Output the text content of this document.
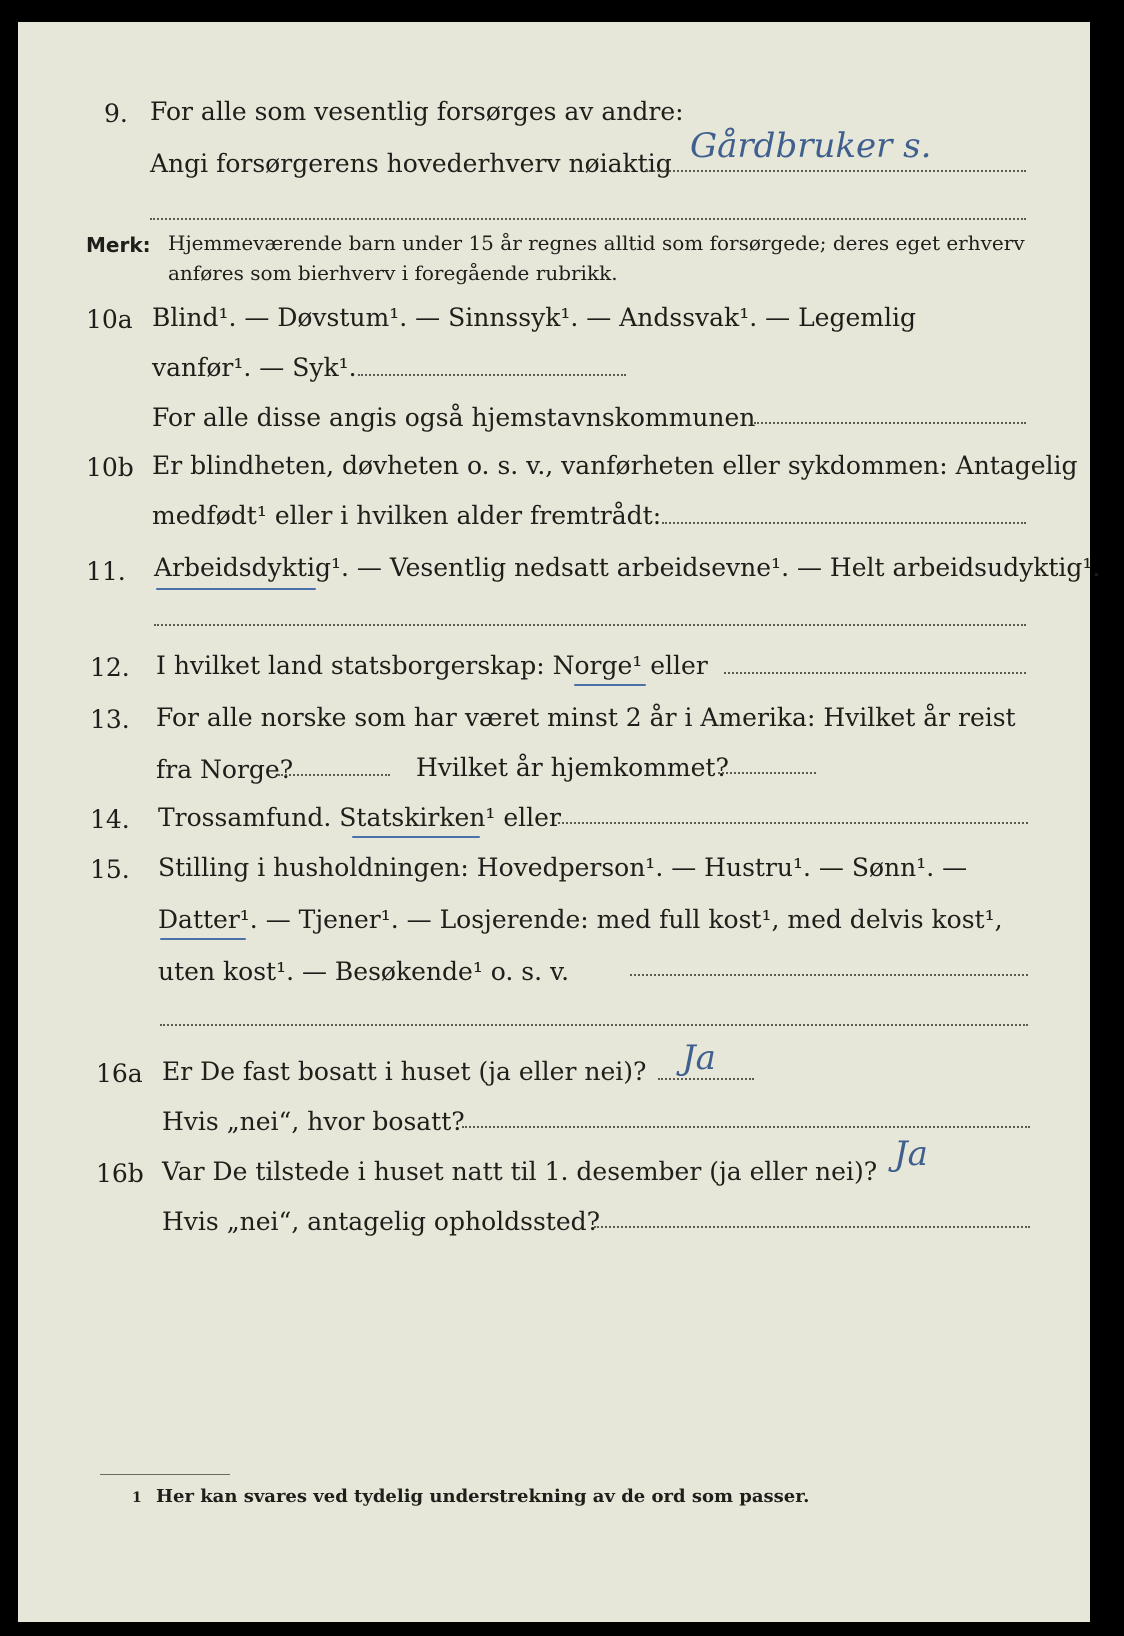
9. For alle som vesentlig forsørges av andre:
Angi forsørgerens hovederhverv nøiaktig Gårdbruker s.
Merk: Hjemmeværende barn under 15 år regnes alltid som forsørgede; deres eget erhverv
anføres som bierhverv i foregående rubrikk.
10a Blind¹. — Døvstum¹. — Sinnssyk¹. — Andssvak¹. — Legemlig
vanfør¹. — Syk¹.
For alle disse angis også hjemstavnskommunen
10b Er blindheten, døvheten o. s. v., vanførheten eller sykdommen: Antagelig
medfødt¹ eller i hvilken alder fremtrådt:
11. Arbeidsdyktig¹. — Vesentlig nedsatt arbeidsevne¹. — Helt arbeidsudyktig¹.
12. I hvilket land statsborgerskap: Norge¹ eller
13. For alle norske som har været minst 2 år i Amerika: Hvilket år reist
fra Norge?	Hvilket år hjemkommet?
14. Trossamfund. Statskirken¹ eller
15. Stilling i husholdningen: Hovedperson¹. — Hustru¹. — Sønn¹. —
Datter¹. — Tjener¹. — Losjerende: med full kost¹, med delvis kost¹,
uten kost¹. — Besøkende¹ o. s. v.
16a Er De fast bosatt i huset (ja eller nei)? Ja
Hvis „nei“, hvor bosatt?
16b Var De tilstede i huset natt til 1. desember (ja eller nei)? Ja
Hvis „nei“, antagelig opholdssted?
1 Her kan svares ved tydelig understrekning av de ord som passer.
